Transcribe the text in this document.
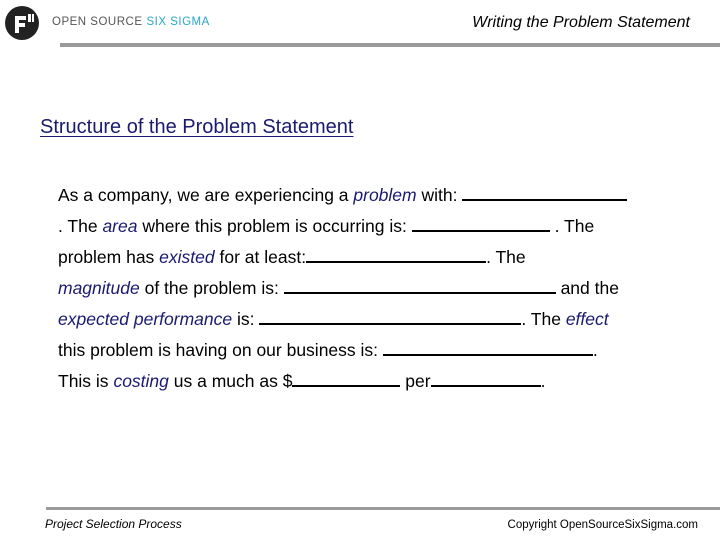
OPEN SOURCE SIX SIGMA	Writing the Problem Statement
Structure of the Problem Statement
As a company, we are experiencing a problem with:
. The area where this problem is occurring is:	. The
problem has existed for at least:	. The
magnitude of the problem is:	and the
expected performance is:	. The effect
this problem is having on our business is:	.
This is costing us a much as $	per	.
Project Selection Process	Copyright OpenSourceSixSigma.com
